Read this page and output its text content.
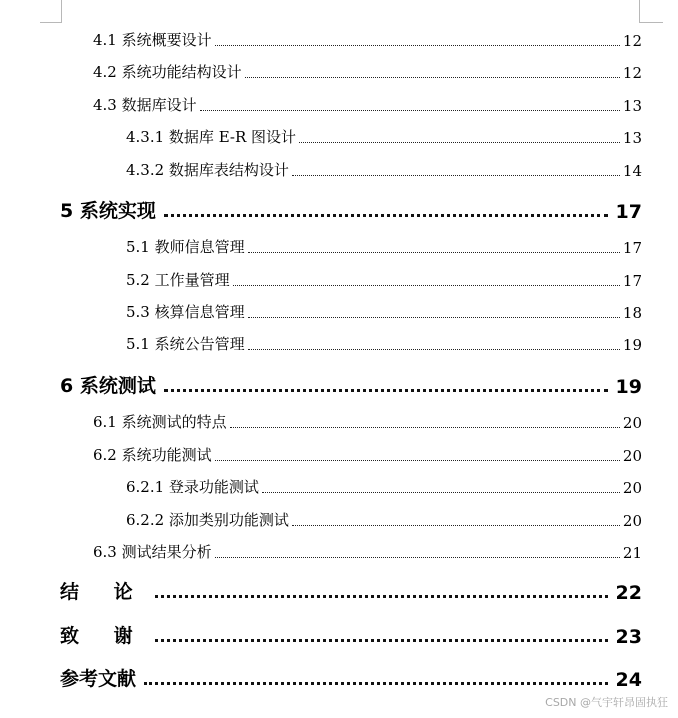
4.1 系统概要设计	12
4.2 系统功能结构设计	12
4.3 数据库设计	13
4.3.1 数据库 E-R 图设计	13
4.3.2 数据库表结构设计	14
5 系统实现	17
5.1 教师信息管理	17
5.2 工作量管理	17
5.3 核算信息管理	18
5.1 系统公告管理	19
6 系统测试	19
6.1 系统测试的特点	20
6.2 系统功能测试	20
6.2.1 登录功能测试	20
6.2.2 添加类别功能测试	20
6.3 测试结果分析	21
结 论	22
致 谢	23
参考文献	24
CSDN @气宇轩昂固执狂
